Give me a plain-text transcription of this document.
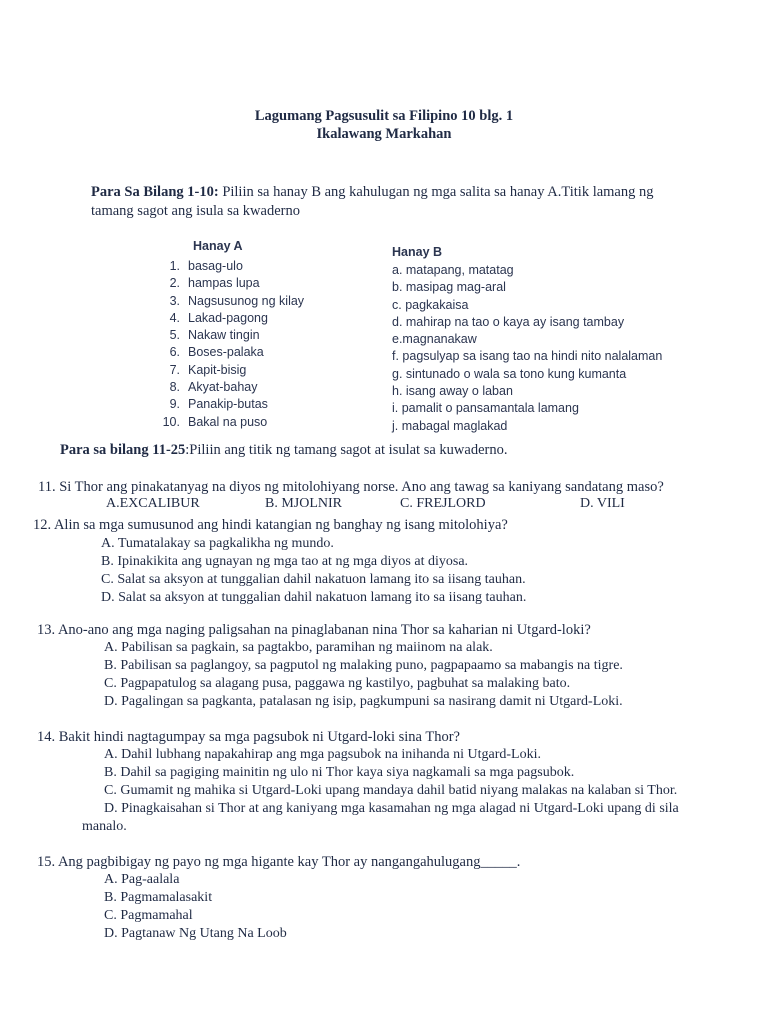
Lagumang Pagsusulit sa Filipino 10 blg. 1
Ikalawang Markahan
Para Sa Bilang 1-10: Piliin sa hanay B ang kahulugan ng mga salita sa hanay A.Titik lamang ng
tamang sagot ang isula sa kwaderno
Hanay A
1. basag-ulo
2. hampas lupa
3. Nagsusunog ng kilay
4. Lakad-pagong
5. Nakaw tingin
6. Boses-palaka
7. Kapit-bisig
8. Akyat-bahay
9. Panakip-butas
10. Bakal na puso
Hanay B
a. matapang, matatag
b. masipag mag-aral
c. pagkakaisa
d. mahirap na tao o kaya ay isang tambay
e.magnanakaw
f. pagsulyap sa isang tao na hindi nito nalalaman
g. sintunado o wala sa tono kung kumanta
h. isang away o laban
i. pamalit o pansamantala lamang
j. mabagal maglakad
Para sa bilang 11-25:Piliin ang titik ng tamang sagot at isulat sa kuwaderno.
11. Si Thor ang pinakatanyag na diyos ng mitolohiyang norse. Ano ang tawag sa kaniyang sandatang maso?
A.EXCALIBUR	B. MJOLNIR	C. FREJLORD	D. VILI
12. Alin sa mga sumusunod ang hindi katangian ng banghay ng isang mitolohiya?
A. Tumatalakay sa pagkalikha ng mundo.
B. Ipinakikita ang ugnayan ng mga tao at ng mga diyos at diyosa.
C. Salat sa aksyon at tunggalian dahil nakatuon lamang ito sa iisang tauhan.
D. Salat sa aksyon at tunggalian dahil nakatuon lamang ito sa iisang tauhan.
13. Ano-ano ang mga naging paligsahan na pinaglabanan nina Thor sa kaharian ni Utgard-loki?
A. Pabilisan sa pagkain, sa pagtakbo, paramihan ng maiinom na alak.
B. Pabilisan sa paglangoy, sa pagputol ng malaking puno, pagpapaamo sa mabangis na tigre.
C. Pagpapatulog sa alagang pusa, paggawa ng kastilyo, pagbuhat sa malaking bato.
D. Pagalingan sa pagkanta, patalasan ng isip, pagkumpuni sa nasirang damit ni Utgard-Loki.
14. Bakit hindi nagtagumpay sa mga pagsubok ni Utgard-loki sina Thor?
A. Dahil lubhang napakahirap ang mga pagsubok na inihanda ni Utgard-Loki.
B. Dahil sa pagiging mainitin ng ulo ni Thor kaya siya nagkamali sa mga pagsubok.
C. Gumamit ng mahika si Utgard-Loki upang mandaya dahil batid niyang malakas na kalaban si Thor.
D. Pinagkaisahan si Thor at ang kaniyang mga kasamahan ng mga alagad ni Utgard-Loki upang di sila
manalo.
15. Ang pagbibigay ng payo ng mga higante kay Thor ay nangangahulugang_____.
A. Pag-aalala
B. Pagmamalasakit
C. Pagmamahal
D. Pagtanaw Ng Utang Na Loob
